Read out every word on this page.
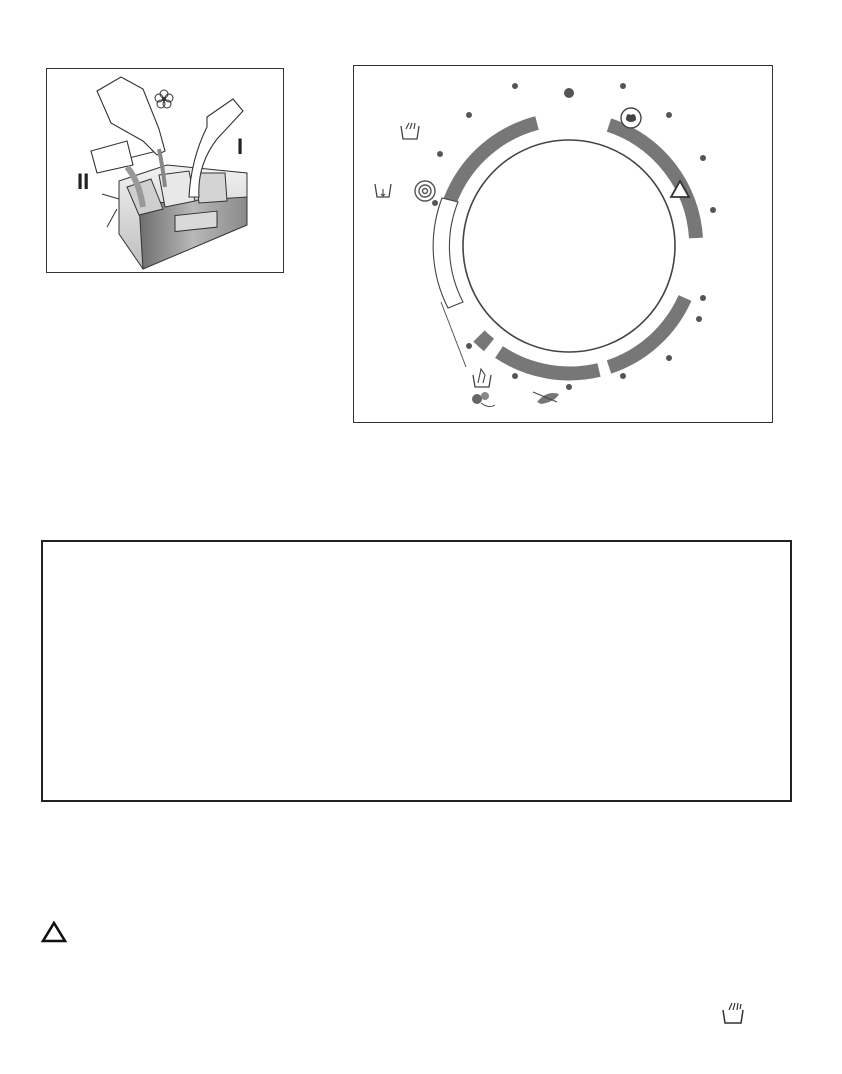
I
II
